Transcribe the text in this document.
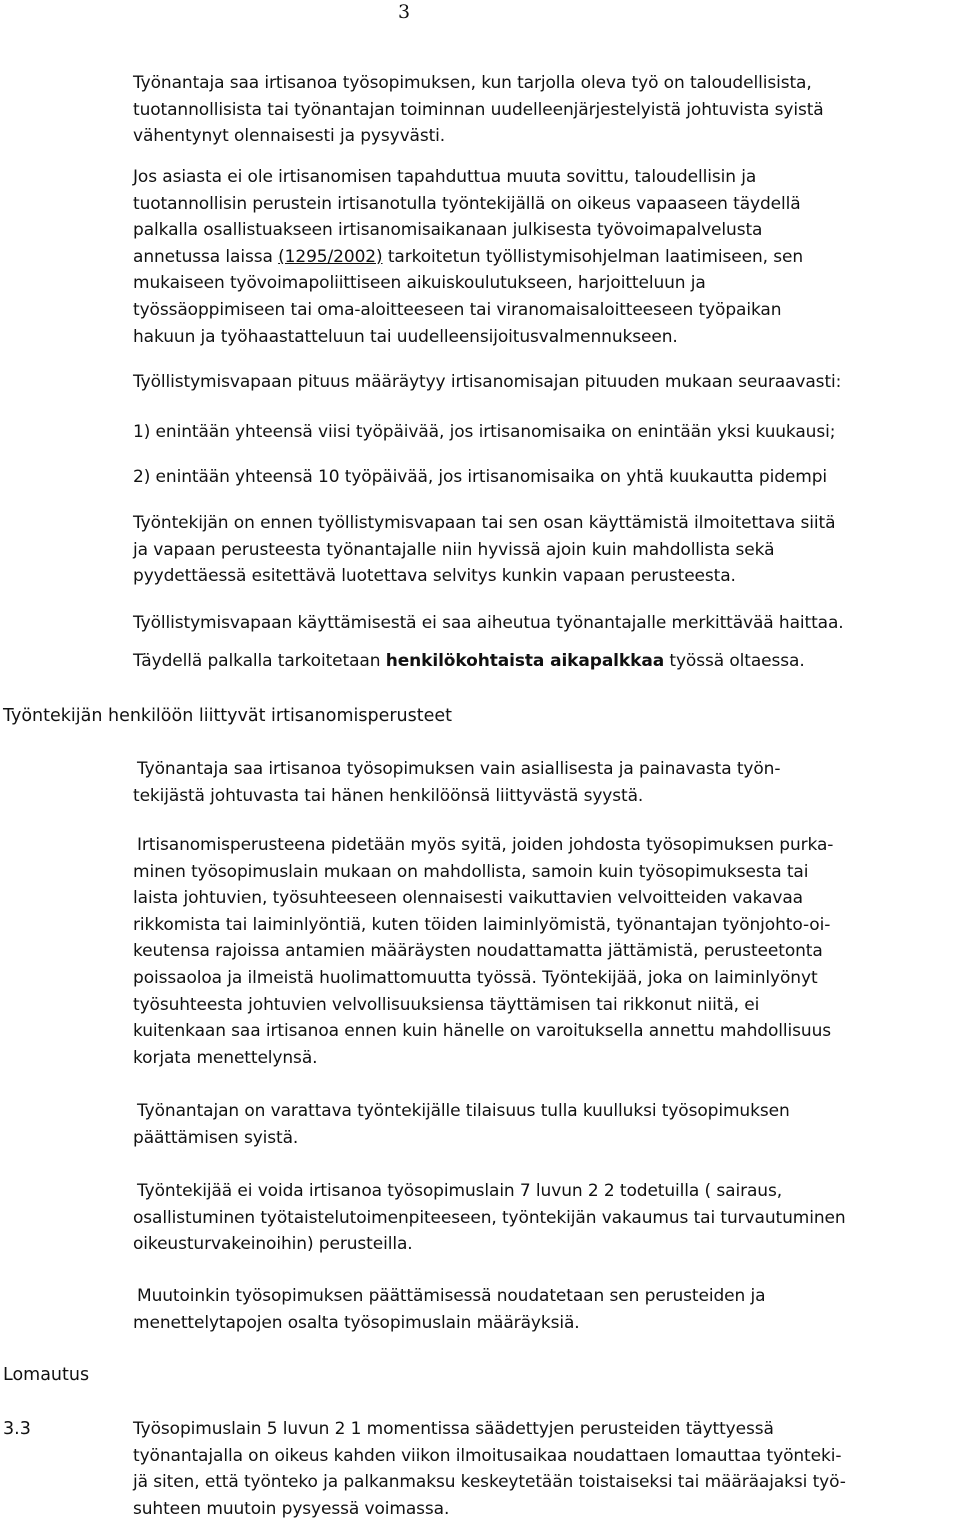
3
Työnantaja saa irtisanoa työsopimuksen, kun tarjolla oleva työ on taloudellisista,
tuotannollisista tai työnantajan toiminnan uudelleenjärjestelyistä johtuvista syistä
vähentynyt olennaisesti ja pysyvästi.
Jos asiasta ei ole irtisanomisen tapahduttua muuta sovittu, taloudellisin ja
tuotannollisin perustein irtisanotulla työntekijällä on oikeus vapaaseen täydellä
palkalla osallistuakseen irtisanomisaikanaan julkisesta työvoimapalvelusta
annetussa laissa (1295/2002) tarkoitetun työllistymisohjelman laatimiseen, sen
mukaiseen työvoimapoliittiseen aikuiskoulutukseen, harjoitteluun ja
työssäoppimiseen tai oma-aloitteeseen tai viranomaisaloitteeseen työpaikan
hakuun ja työhaastatteluun tai uudelleensijoitusvalmennukseen.
Työllistymisvapaan pituus määräytyy irtisanomisajan pituuden mukaan seuraavasti:
1) enintään yhteensä viisi työpäivää, jos irtisanomisaika on enintään yksi kuukausi;
2) enintään yhteensä 10 työpäivää, jos irtisanomisaika on yhtä kuukautta pidempi
Työntekijän on ennen työllistymisvapaan tai sen osan käyttämistä ilmoitettava siitä
ja vapaan perusteesta työnantajalle niin hyvissä ajoin kuin mahdollista sekä
pyydettäessä esitettävä luotettava selvitys kunkin vapaan perusteesta.
Työllistymisvapaan käyttämisestä ei saa aiheutua työnantajalle merkittävää haittaa.
Täydellä palkalla tarkoitetaan henkilökohtaista aikapalkkaa työssä oltaessa.
Työntekijän henkilöön liittyvät irtisanomisperusteet
Työnantaja saa irtisanoa työsopimuksen vain asiallisesta ja painavasta työn-
tekijästä johtuvasta tai hänen henkilöönsä liittyvästä syystä.
Irtisanomisperusteena pidetään myös syitä, joiden johdosta työsopimuksen purka-
minen työsopimuslain mukaan on mahdollista, samoin kuin työsopimuksesta tai
laista johtuvien, työsuhteeseen olennaisesti vaikuttavien velvoitteiden vakavaa
rikkomista tai laiminlyöntiä, kuten töiden laiminlyömistä, työnantajan työnjohto-oi-
keutensa rajoissa antamien määräysten noudattamatta jättämistä, perusteetonta
poissaoloa ja ilmeistä huolimattomuutta työssä. Työntekijää, joka on laiminlyönyt
työsuhteesta johtuvien velvollisuuksiensa täyttämisen tai rikkonut niitä, ei
kuitenkaan saa irtisanoa ennen kuin hänelle on varoituksella annettu mahdollisuus
korjata menettelynsä.
Työnantajan on varattava työntekijälle tilaisuus tulla kuulluksi työsopimuksen
päättämisen syistä.
Työntekijää ei voida irtisanoa työsopimuslain 7 luvun 2 2 todetuilla ( sairaus,
osallistuminen työtaistelutoimenpiteeseen, työntekijän vakaumus tai turvautuminen
oikeusturvakeinoihin) perusteilla.
Muutoinkin työsopimuksen päättämisessä noudatetaan sen perusteiden ja
menettelytapojen osalta työsopimuslain määräyksiä.
Lomautus
3.3	Työsopimuslain 5 luvun 2 1 momentissa säädettyjen perusteiden täyttyessä
työnantajalla on oikeus kahden viikon ilmoitusaikaa noudattaen lomauttaa työnteki-
jä siten, että työnteko ja palkanmaksu keskeytetään toistaiseksi tai määräajaksi työ-
suhteen muutoin pysyessä voimassa.
